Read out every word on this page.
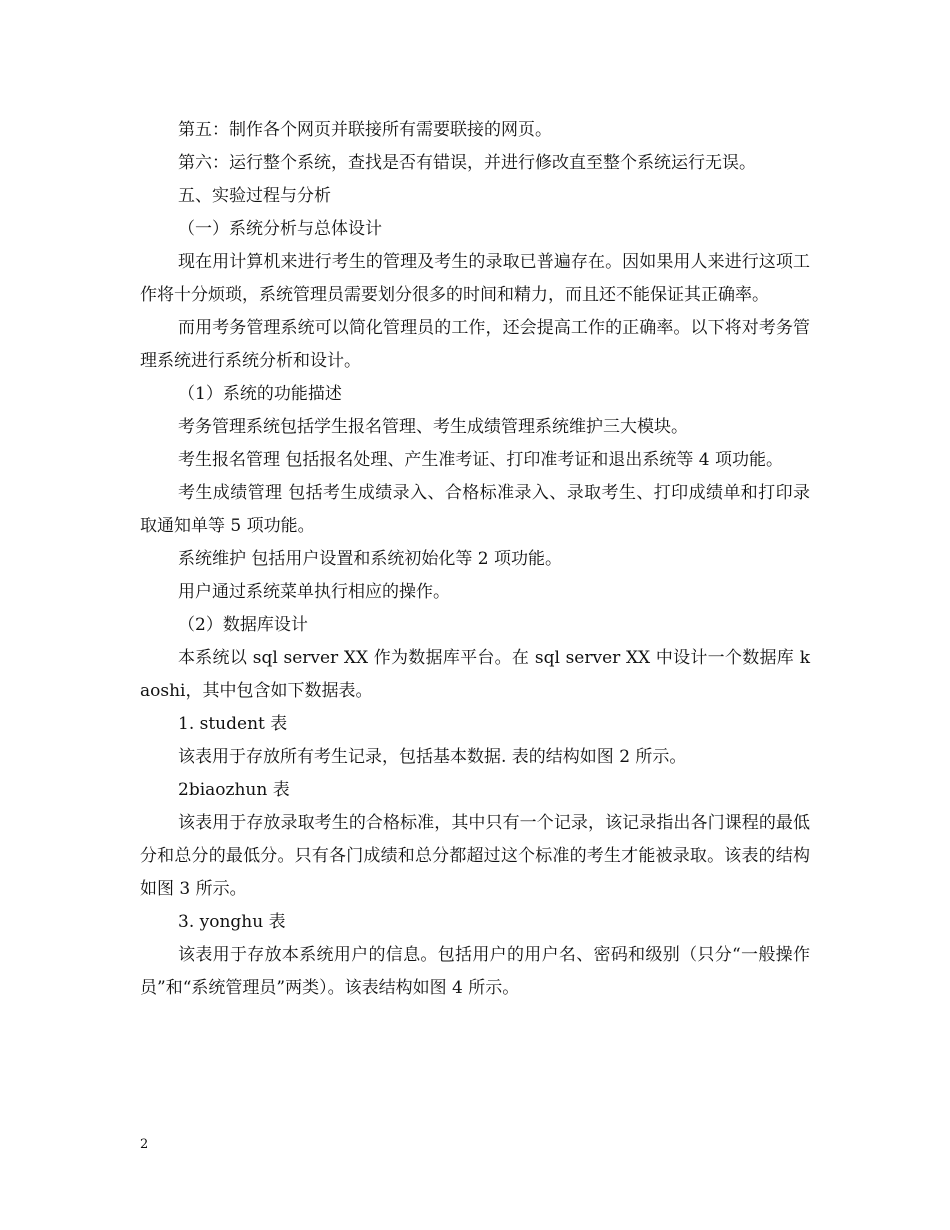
第五：制作各个网页并联接所有需要联接的网页。

第六：运行整个系统，查找是否有错误，并进行修改直至整个系统运行无误。

五、实验过程与分析

（一）系统分析与总体设计

现在用计算机来进行考生的管理及考生的录取已普遍存在。因如果用人来进行这项工作将十分烦琐，系统管理员需要划分很多的时间和精力，而且还不能保证其正确率。

而用考务管理系统可以简化管理员的工作，还会提高工作的正确率。以下将对考务管理系统进行系统分析和设计。

（1）系统的功能描述

考务管理系统包括学生报名管理、考生成绩管理系统维护三大模块。

考生报名管理 包括报名处理、产生准考证、打印准考证和退出系统等 4 项功能。

考生成绩管理 包括考生成绩录入、合格标准录入、录取考生、打印成绩单和打印录取通知单等 5 项功能。

系统维护 包括用户设置和系统初始化等 2 项功能。

用户通过系统菜单执行相应的操作。

（2）数据库设计

本系统以 sql server XX 作为数据库平台。在 sql server XX 中设计一个数据库 kaoshi，其中包含如下数据表。

1. student 表

该表用于存放所有考生记录，包括基本数据. 表的结构如图 2 所示。

2biaozhun 表

该表用于存放录取考生的合格标准，其中只有一个记录，该记录指出各门课程的最低分和总分的最低分。只有各门成绩和总分都超过这个标准的考生才能被录取。该表的结构如图 3 所示。

3. yonghu 表

该表用于存放本系统用户的信息。包括用户的用户名、密码和级别（只分“一般操作员”和“系统管理员”两类）。该表结构如图 4 所示。

2
